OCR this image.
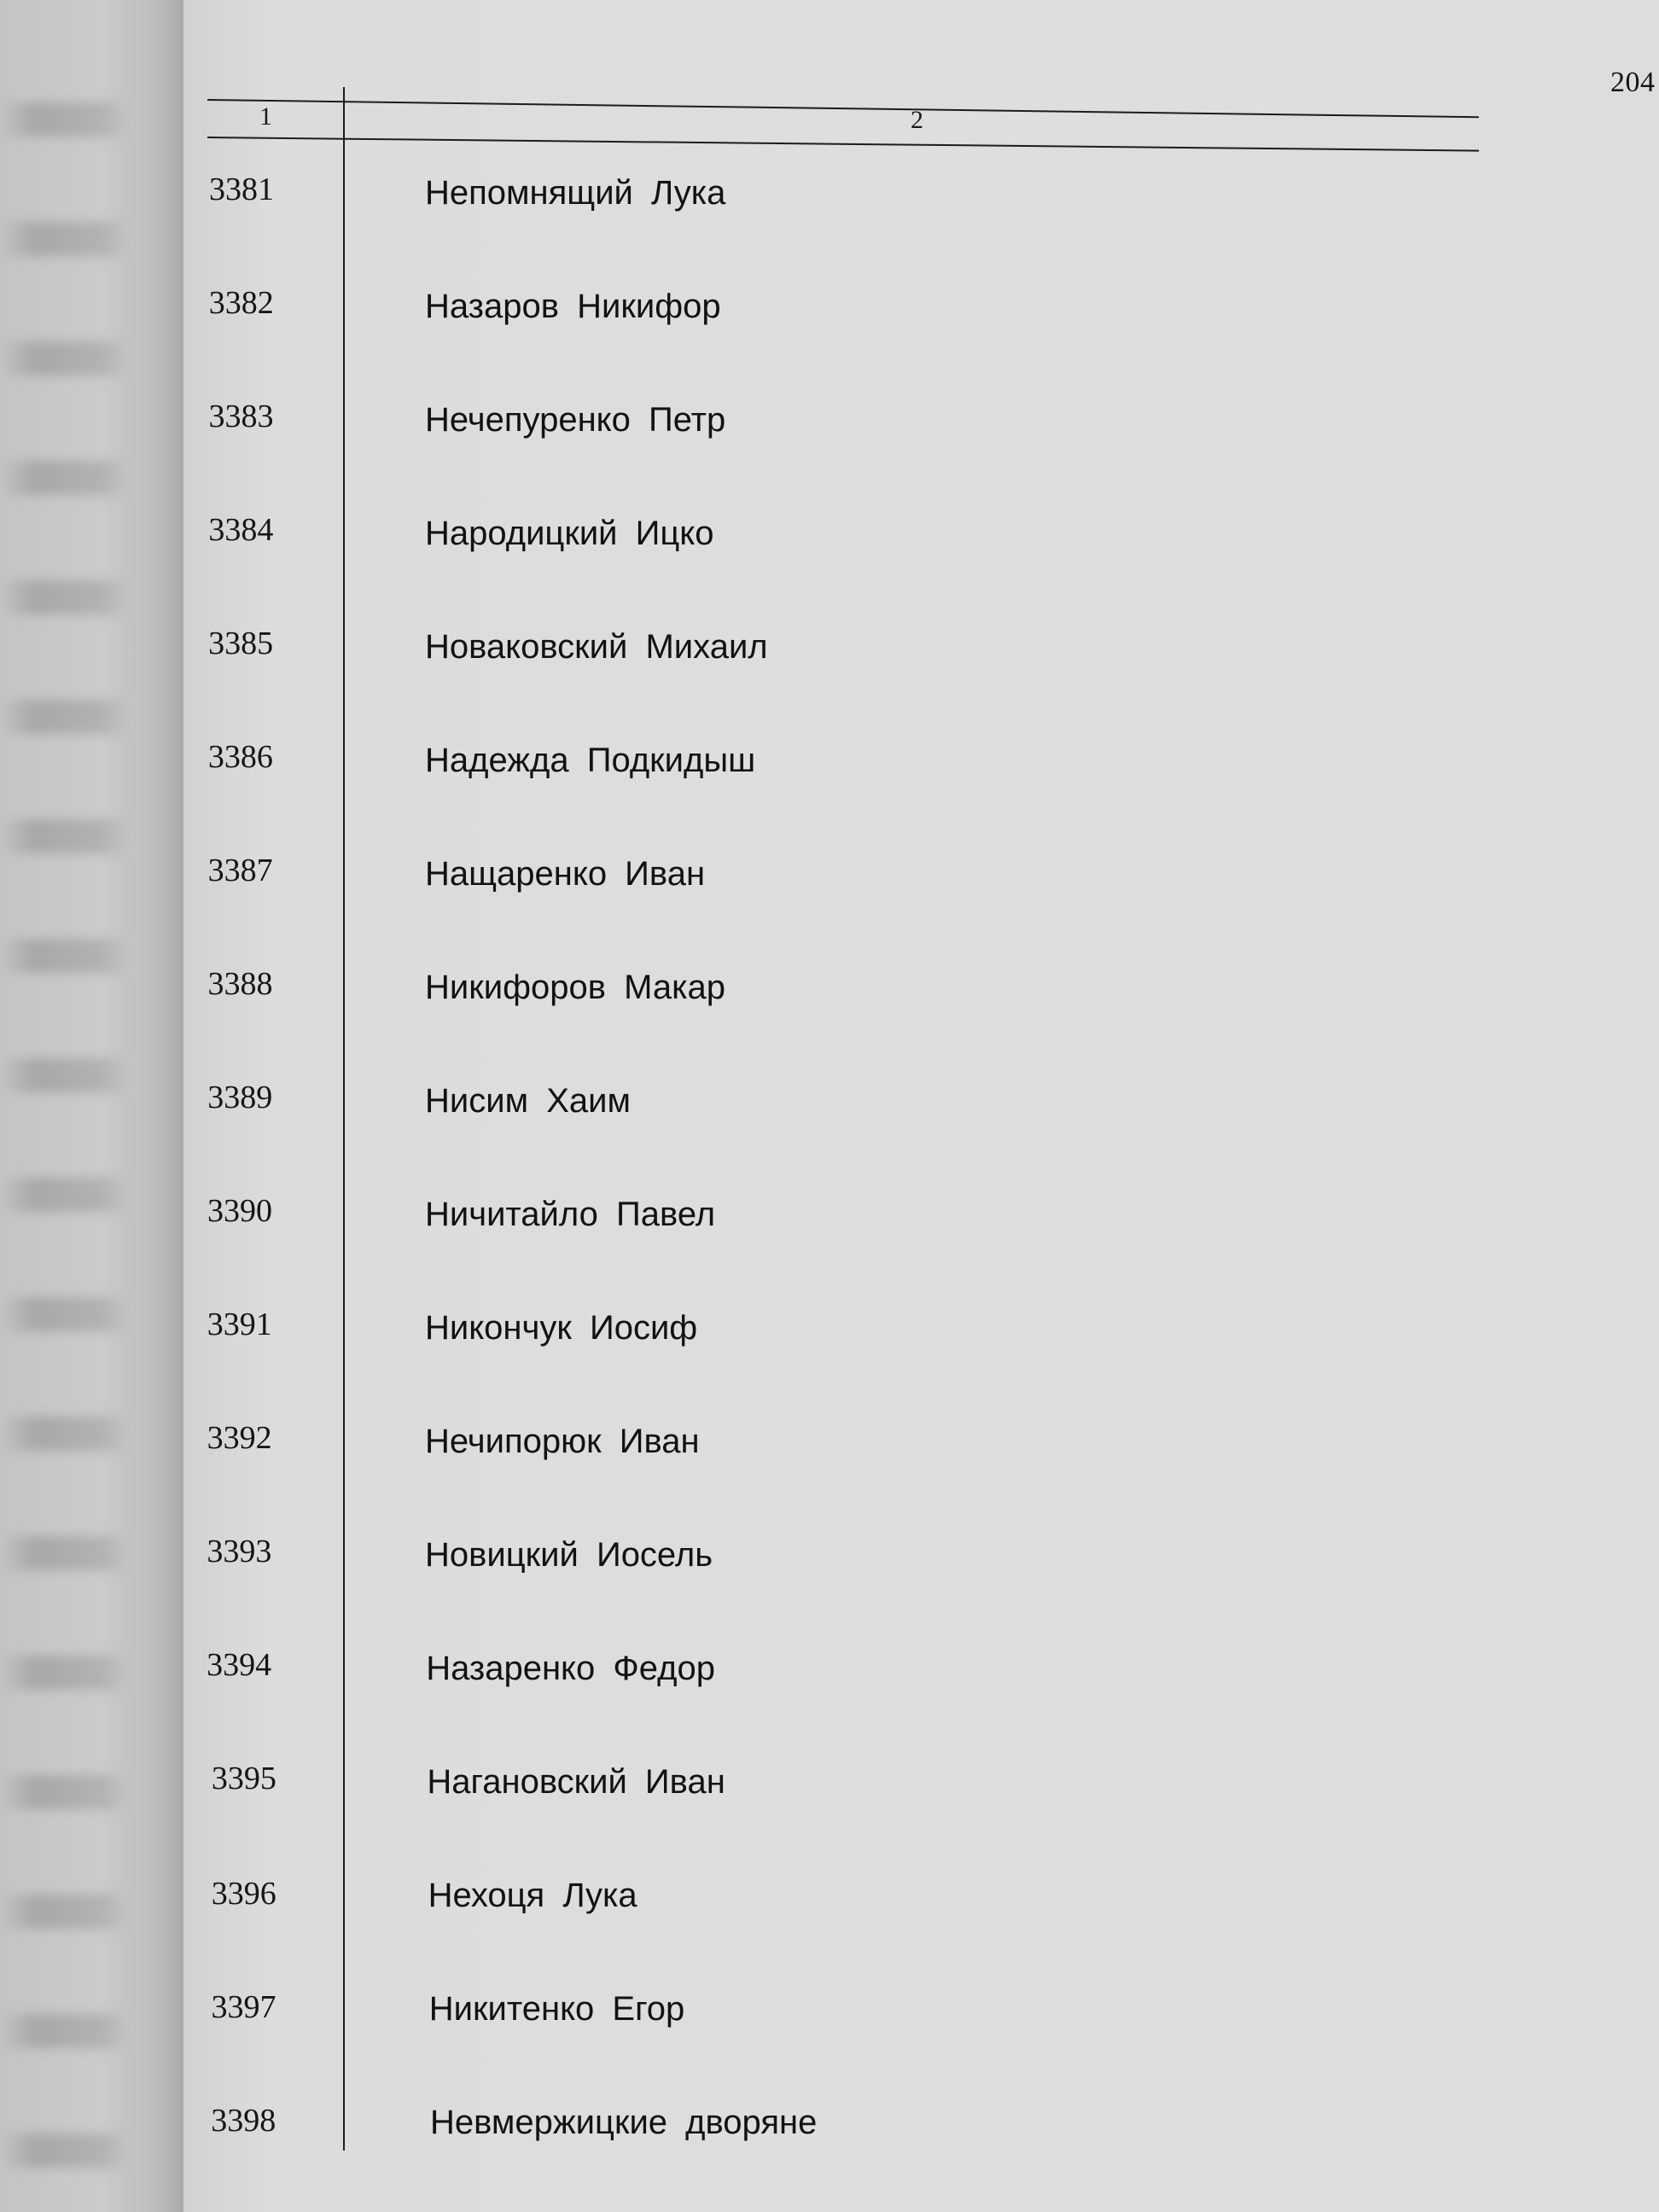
204
1	2
3381	Непомнящий Лука
3382	Назаров Никифор
3383	Нечепуренко Петр
3384	Народицкий Ицко
3385	Новаковский Михаил
3386	Надежда Подкидыш
3387	Нащаренко Иван
3388	Никифоров Макар
3389	Нисим Хаим
3390	Ничитайло Павел
3391	Никончук Иосиф
3392	Нечипорюк Иван
3393	Новицкий Иосель
3394	Назаренко Федор
3395	Нагановский Иван
3396	Нехоця Лука
3397	Никитенко Егор
3398	Невмержицкие дворяне
